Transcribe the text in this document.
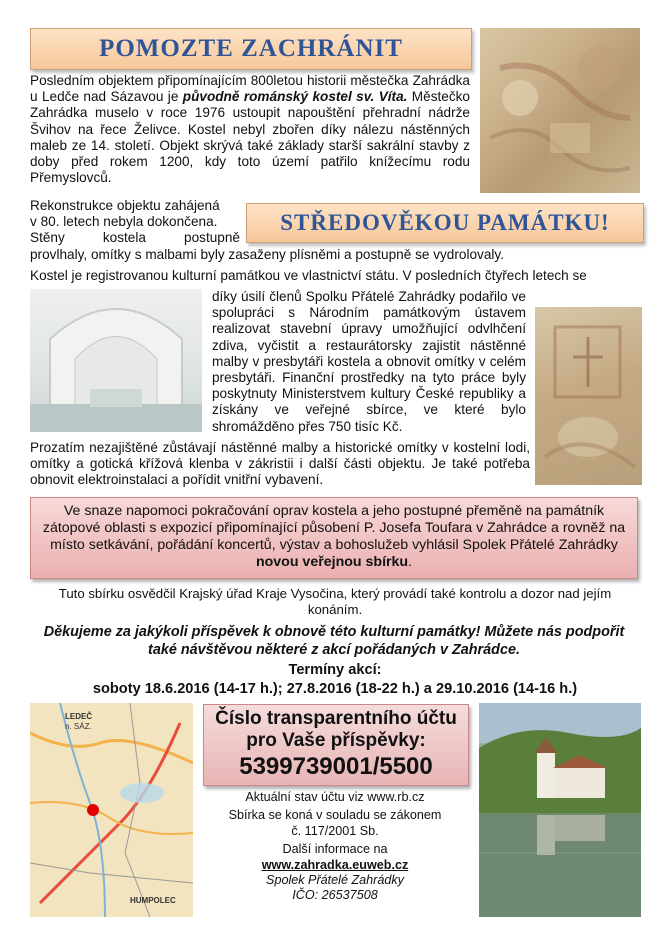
POMOZTE ZACHRÁNIT
Posledním objektem připomínajícím 800letou historii městečka Zahrádka u Ledče nad Sázavou je původně románský kostel sv. Víta. Městečko Zahrádka muselo v roce 1976 ustoupit napouštění přehradní nádrže Švihov na řece Želivce. Kostel nebyl zbořen díky nálezu nástěnných maleb ze 14. století. Objekt skrývá také základy starší sakrální stavby z doby před rokem 1200, kdy toto území patřilo knížecímu rodu Přemyslovců.
Rekonstrukce objektu zahájená
v 80. letech nebyla dokončena.
Stěny kostela postupně
STŘEDOVĚKOU PAMÁTKU!
provlhaly, omítky s malbami byly zasaženy plísněmi a postupně se vydrolovaly.
Kostel je registrovanou kulturní památkou ve vlastnictví státu. V posledních čtyřech letech se
díky úsilí členů Spolku Přátelé Zahrádky podařilo ve spolupráci s Národním památkovým ústavem realizovat stavební úpravy umožňující odvlhčení zdiva, vyčistit a restaurátorsky zajistit nástěnné malby v presbytáři kostela a obnovit omítky v celém presbytáři. Finanční prostředky na tyto práce byly poskytnuty Ministerstvem kultury České republiky a získány ve veřejné sbírce, ve které bylo shromážděno přes 750 tisíc Kč.
Prozatím nezajištěné zůstávají nástěnné malby a historické omítky v kostelní lodi, omítky a gotická křížová klenba v zákristii i další části objektu. Je také potřeba obnovit elektroinstalaci a pořídit vnitřní vybavení.
Ve snaze napomoci pokračování oprav kostela a jeho postupné přeměně na památník zátopové oblasti s expozicí připomínající působení P. Josefa Toufara v Zahrádce a rovněž na místo setkávání, pořádání koncertů, výstav a bohoslužeb vyhlásil Spolek Přátelé Zahrádky novou veřejnou sbírku.
Tuto sbírku osvědčil Krajský úřad Kraje Vysočina, který provádí také kontrolu a dozor nad jejím konáním.
Děkujeme za jakýkoli příspěvek k obnově této kulturní památky! Můžete nás podpořit také návštěvou některé z akcí pořádaných v Zahrádce.
Termíny akcí:
soboty 18.6.2016 (14-17 h.); 27.8.2016 (18-22 h.) a 29.10.2016 (14-16 h.)
LEDEČ
n. SÁZ.
HUMPOLEC
Číslo transparentního účtu
pro Vaše příspěvky:
5399739001/5500
Aktuální stav účtu viz www.rb.cz
Sbírka se koná v souladu se zákonem
č. 117/2001 Sb.
Další informace na
www.zahradka.euweb.cz
Spolek Přátelé Zahrádky
IČO: 26537508
